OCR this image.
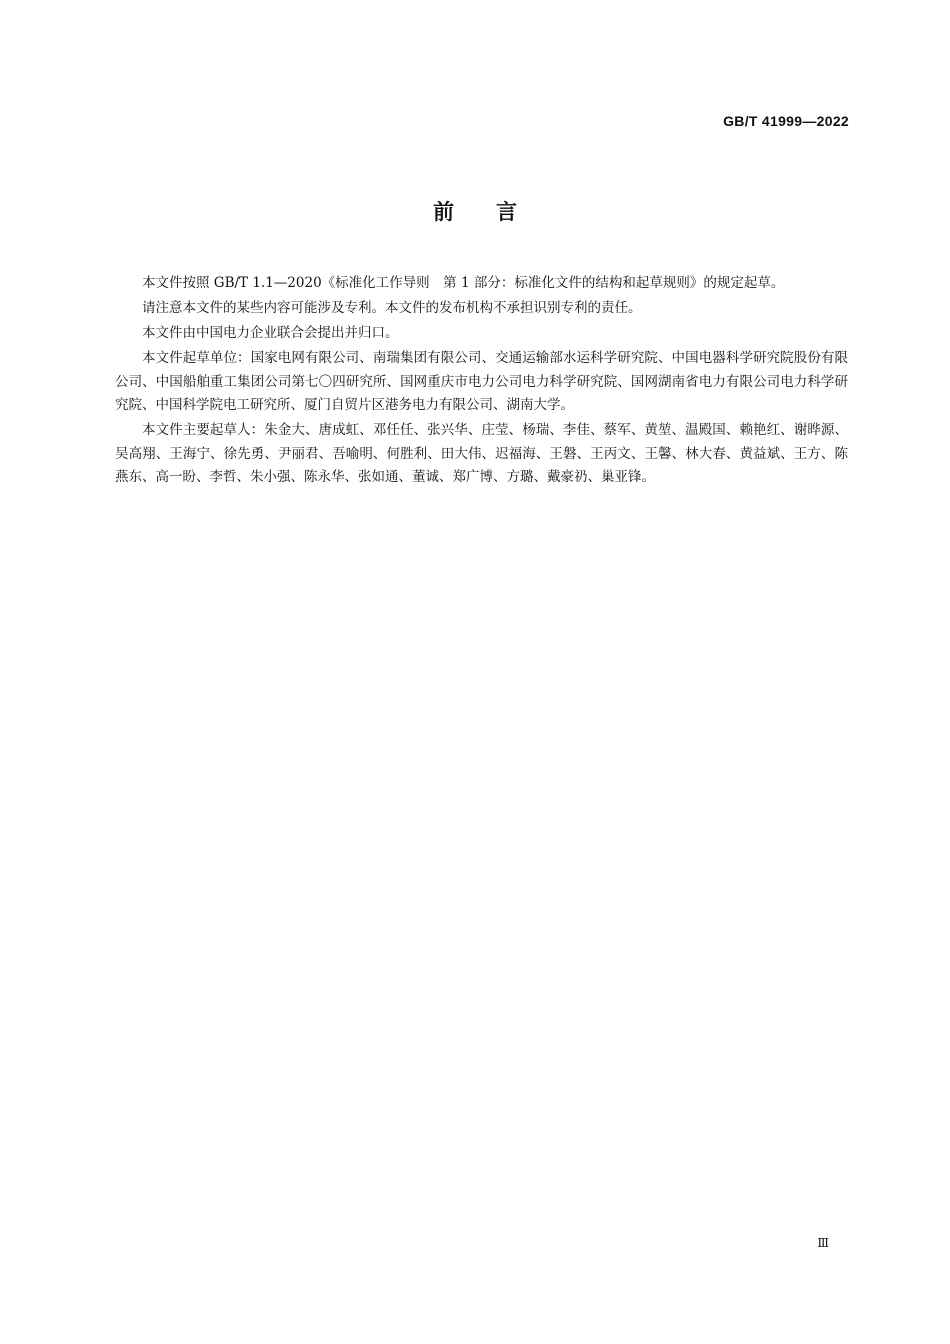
GB/T 41999—2022
前　　言

本文件按照 GB/T 1.1—2020《标准化工作导则　第 1 部分：标准化文件的结构和起草规则》的规定起草。

请注意本文件的某些内容可能涉及专利。本文件的发布机构不承担识别专利的责任。

本文件由中国电力企业联合会提出并归口。

本文件起草单位：国家电网有限公司、南瑞集团有限公司、交通运输部水运科学研究院、中国电器科学研究院股份有限公司、中国船舶重工集团公司第七〇四研究所、国网重庆市电力公司电力科学研究院、国网湖南省电力有限公司电力科学研究院、中国科学院电工研究所、厦门自贸片区港务电力有限公司、湖南大学。

本文件主要起草人：朱金大、唐成虹、邓任任、张兴华、庄莹、杨瑞、李佳、蔡军、黄堃、温殿国、赖艳红、谢晔源、吴高翔、王海宁、徐先勇、尹丽君、吾喻明、何胜利、田大伟、迟福海、王磐、王丙文、王馨、林大春、黄益斌、王方、陈燕东、高一盼、李哲、朱小强、陈永华、张如通、董诚、郑广博、方璐、戴豪礽、巢亚锋。

Ⅲ
